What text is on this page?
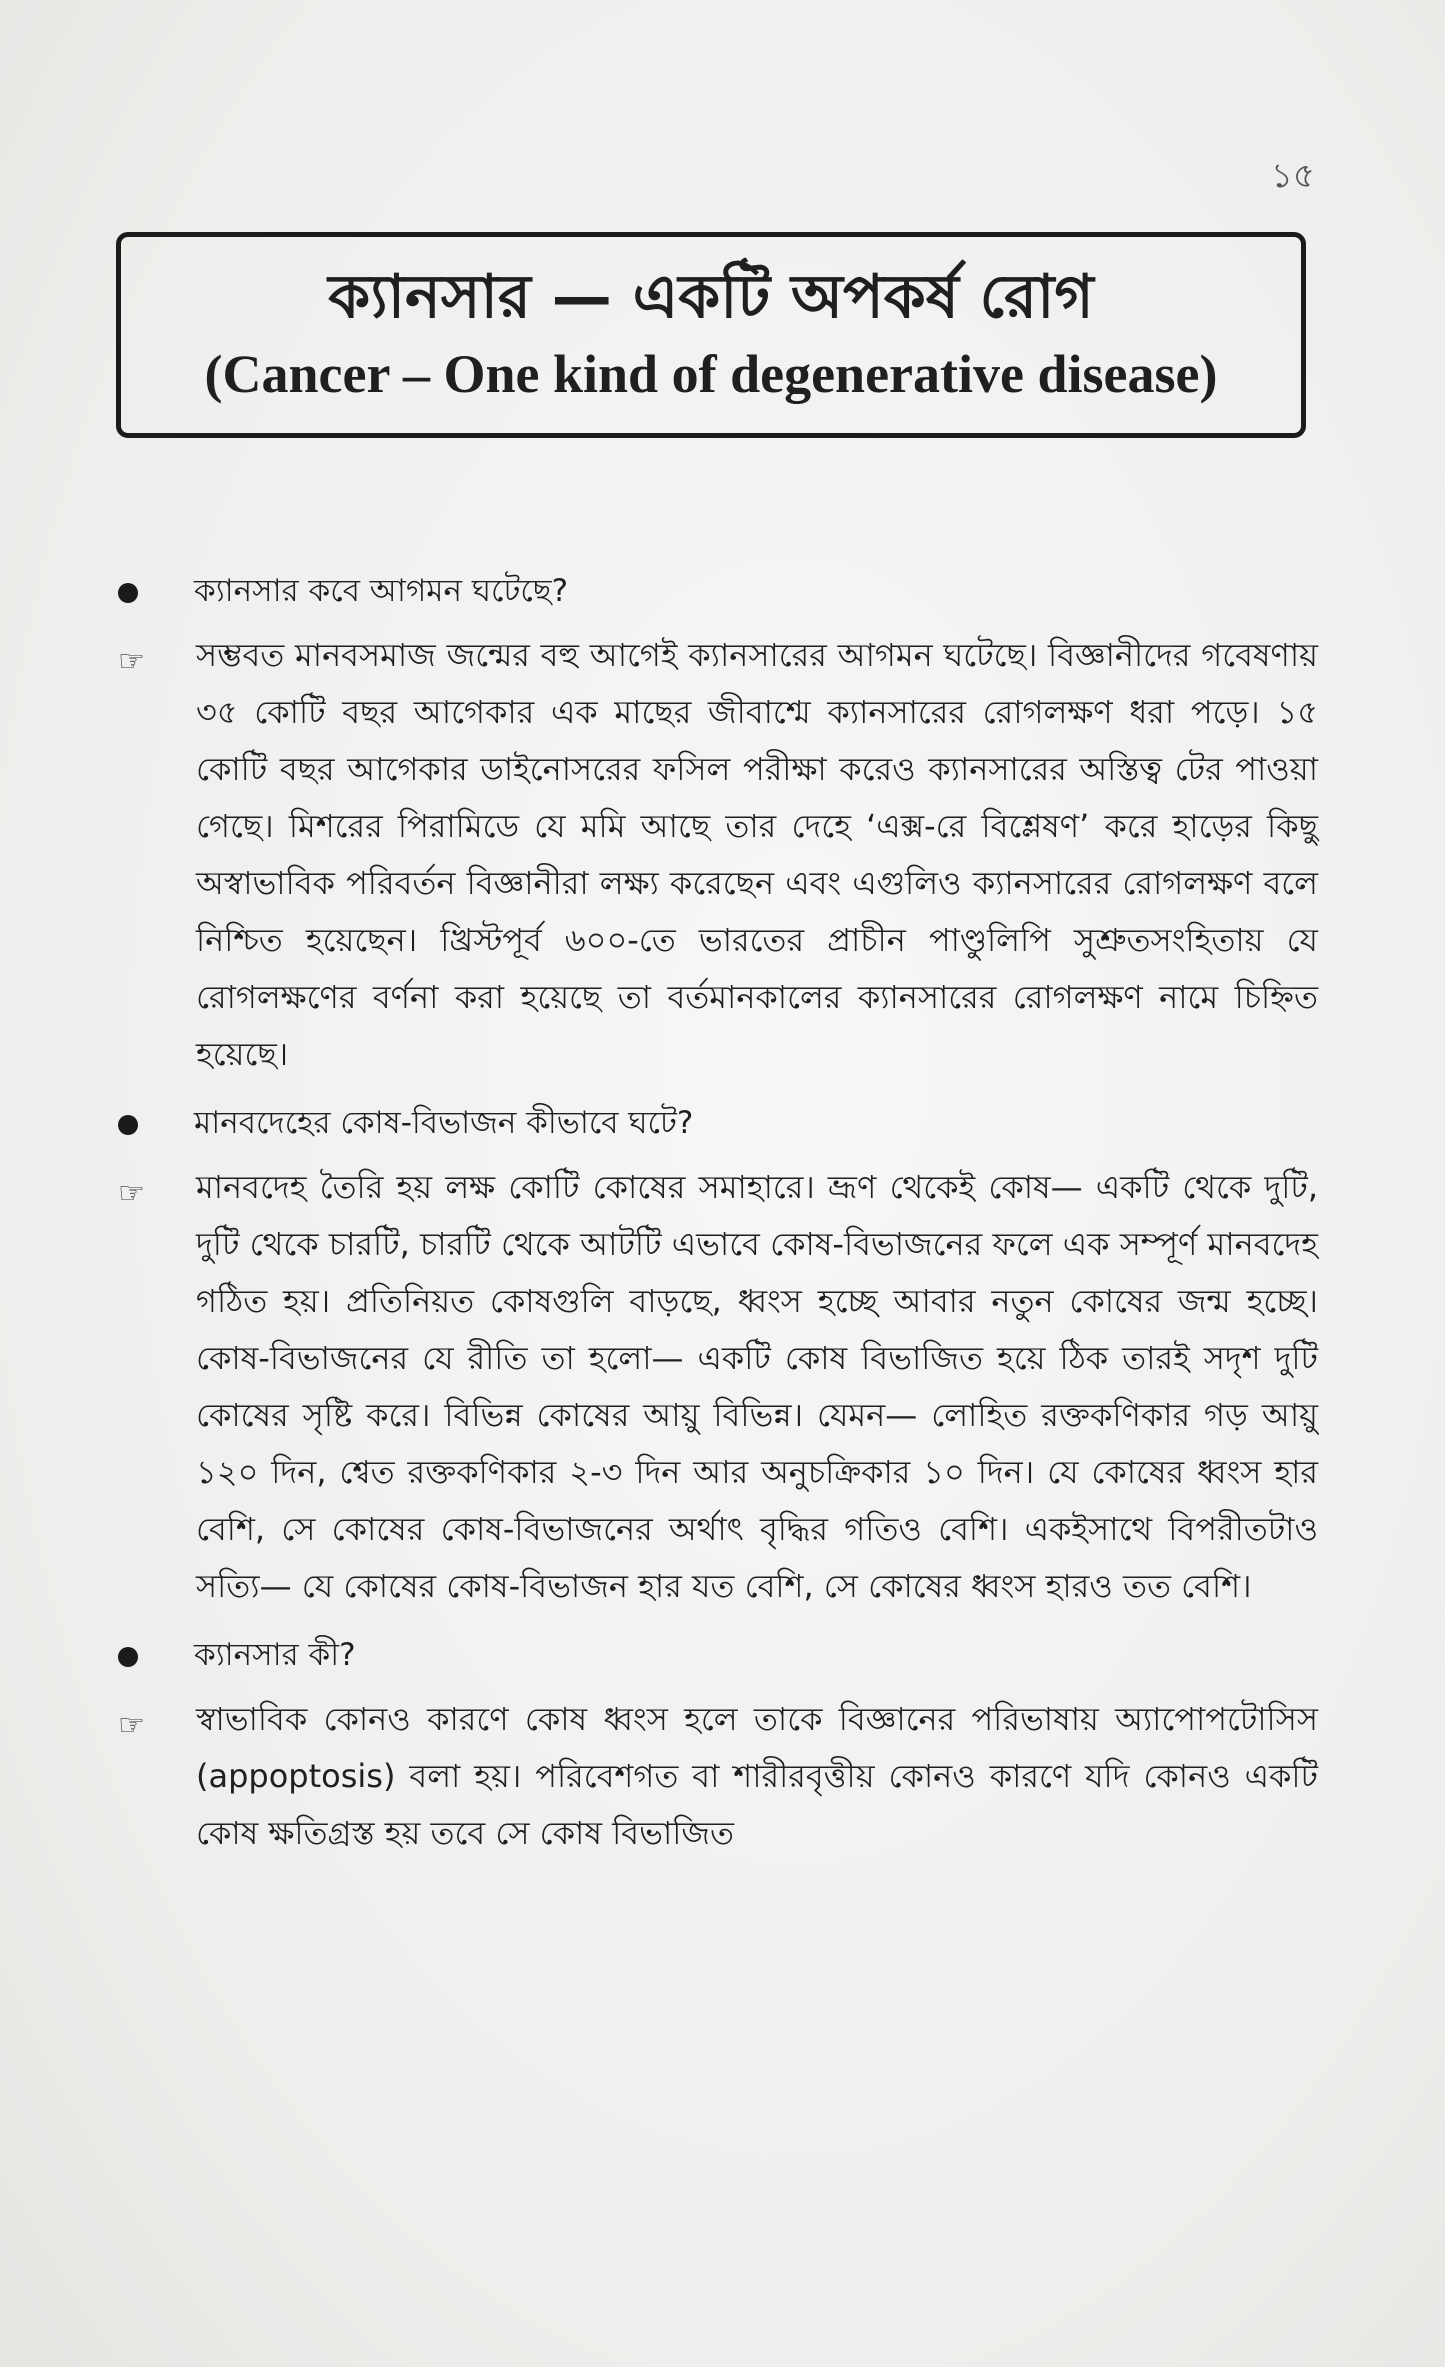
১৫
ক্যানসার — একটি অপকর্ষ রোগ
(Cancer – One kind of degenerative disease)
ক্যানসার কবে আগমন ঘটেছে?
☞ সম্ভবত মানবসমাজ জন্মের বহু আগেই ক্যানসারের আগমন ঘটেছে। বিজ্ঞানীদের গবেষণায় ৩৫ কোটি বছর আগেকার এক মাছের জীবাশ্মে ক্যানসারের রোগলক্ষণ ধরা পড়ে। ১৫ কোটি বছর আগেকার ডাইনোসরের ফসিল পরীক্ষা করেও ক্যানসারের অস্তিত্ব টের পাওয়া গেছে। মিশরের পিরামিডে যে মমি আছে তার দেহে ‘এক্স-রে বিশ্লেষণ’ করে হাড়ের কিছু অস্বাভাবিক পরিবর্তন বিজ্ঞানীরা লক্ষ্য করেছেন এবং এগুলিও ক্যানসারের রোগলক্ষণ বলে নিশ্চিত হয়েছেন। খ্রিস্টপূর্ব ৬০০-তে ভারতের প্রাচীন পাণ্ডুলিপি সুশ্রুতসংহিতায় যে রোগলক্ষণের বর্ণনা করা হয়েছে তা বর্তমানকালের ক্যানসারের রোগলক্ষণ নামে চিহ্নিত হয়েছে।
মানবদেহের কোষ-বিভাজন কীভাবে ঘটে?
☞ মানবদেহ তৈরি হয় লক্ষ কোটি কোষের সমাহারে। ভ্রূণ থেকেই কোষ— একটি থেকে দুটি, দুটি থেকে চারটি, চারটি থেকে আটটি এভাবে কোষ-বিভাজনের ফলে এক সম্পূর্ণ মানবদেহ গঠিত হয়। প্রতিনিয়ত কোষগুলি বাড়ছে, ধ্বংস হচ্ছে আবার নতুন কোষের জন্ম হচ্ছে। কোষ-বিভাজনের যে রীতি তা হলো— একটি কোষ বিভাজিত হয়ে ঠিক তারই সদৃশ দুটি কোষের সৃষ্টি করে। বিভিন্ন কোষের আয়ু বিভিন্ন। যেমন— লোহিত রক্তকণিকার গড় আয়ু ১২০ দিন, শ্বেত রক্তকণিকার ২-৩ দিন আর অনুচক্রিকার ১০ দিন। যে কোষের ধ্বংস হার বেশি, সে কোষের কোষ-বিভাজনের অর্থাৎ বৃদ্ধির গতিও বেশি। একইসাথে বিপরীতটাও সত্যি— যে কোষের কোষ-বিভাজন হার যত বেশি, সে কোষের ধ্বংস হারও তত বেশি।
ক্যানসার কী?
☞ স্বাভাবিক কোনও কারণে কোষ ধ্বংস হলে তাকে বিজ্ঞানের পরিভাষায় অ্যাপোপটোসিস (appoptosis) বলা হয়। পরিবেশগত বা শারীরবৃত্তীয় কোনও কারণে যদি কোনও একটি কোষ ক্ষতিগ্রস্ত হয় তবে সে কোষ বিভাজিত
